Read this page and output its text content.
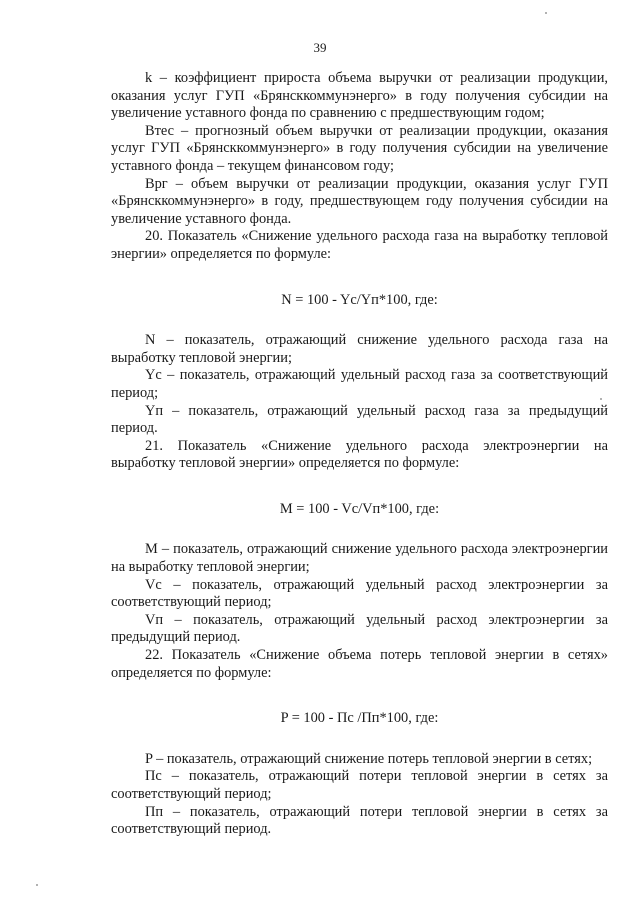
39

k – коэффициент прироста объема выручки от реализации продукции, оказания услуг ГУП «Брянсккоммунэнерго» в году получения субсидии на увеличение уставного фонда по сравнению с предшествующим годом;

Втес – прогнозный объем выручки от реализации продукции, оказания услуг ГУП «Брянсккоммунэнерго» в году получения субсидии на увеличение уставного фонда – текущем финансовом году;

Врг – объем выручки от реализации продукции, оказания услуг ГУП «Брянсккоммунэнерго» в году, предшествующем году получения субсидии на увеличение уставного фонда.

20. Показатель «Снижение удельного расхода газа на выработку тепловой энергии» определяется по формуле:

N = 100 - Yc/Yп*100, где:

N – показатель, отражающий снижение удельного расхода газа на выработку тепловой энергии;

Yc – показатель, отражающий удельный расход газа за соответствующий период;

Yп – показатель, отражающий удельный расход газа за предыдущий период.

21. Показатель «Снижение удельного расхода электроэнергии на выработку тепловой энергии» определяется по формуле:

M = 100 - Vc/Vп*100, где:

M – показатель, отражающий снижение удельного расхода электроэнергии на выработку тепловой энергии;

Vc – показатель, отражающий удельный расход электроэнергии за соответствующий период;

Vп – показатель, отражающий удельный расход электроэнергии за предыдущий период.

22. Показатель «Снижение объема потерь тепловой энергии в сетях» определяется по формуле:

P = 100 - Пс /Пп*100, где:

P – показатель, отражающий снижение потерь тепловой энергии в сетях;

Пс – показатель, отражающий потери тепловой энергии в сетях за соответствующий период;

Пп – показатель, отражающий потери тепловой энергии в сетях за соответствующий период.
